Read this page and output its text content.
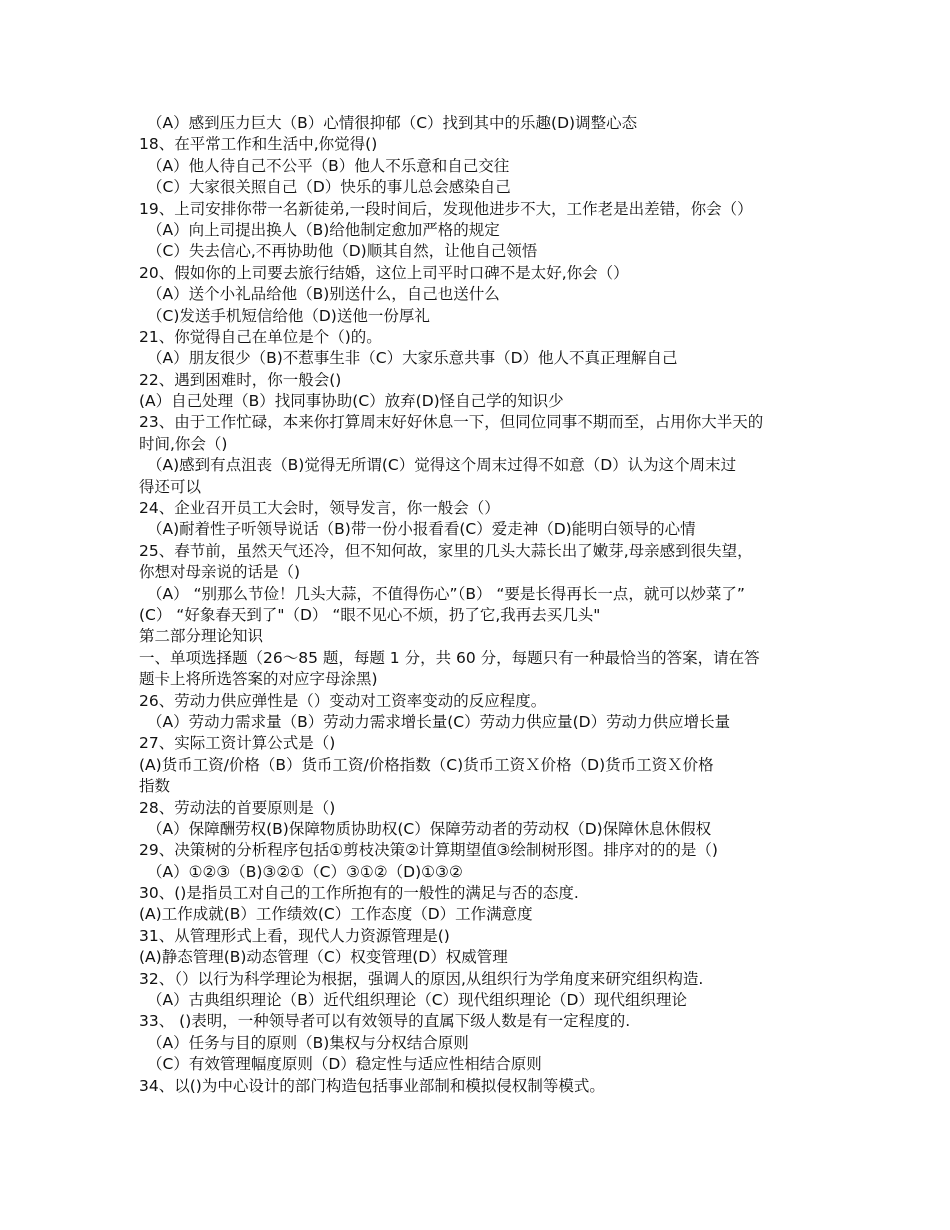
（A）感到压力巨大（B）心情很抑郁（C）找到其中的乐趣(D)调整心态
18、在平常工作和生活中,你觉得()
（A）他人待自己不公平（B）他人不乐意和自己交往
（C）大家很关照自己（D）快乐的事儿总会感染自己
19、上司安排你带一名新徒弟,一段时间后，发现他进步不大，工作老是出差错，你会（）
（A）向上司提出换人（B)给他制定愈加严格的规定
（C）失去信心,不再协助他（D)顺其自然，让他自己领悟
20、假如你的上司要去旅行结婚，这位上司平时口碑不是太好,你会（）
（A）送个小礼品给他（B)别送什么，自己也送什么
（C)发送手机短信给他（D)送他一份厚礼
21、你觉得自己在单位是个（)的。
（A）朋友很少（B)不惹事生非（C）大家乐意共事（D）他人不真正理解自己
22、遇到困难时，你一般会()
(A）自己处理（B）找同事协助(C）放弃(D)怪自己学的知识少
23、由于工作忙碌，本来你打算周末好好休息一下，但同位同事不期而至，占用你大半天的
时间,你会（)
（A)感到有点沮丧（B)觉得无所谓(C）觉得这个周末过得不如意（D）认为这个周末过
得还可以
24、企业召开员工大会时，领导发言，你一般会（）
（A)耐着性子听领导说话（B)带一份小报看看(C）爱走神（D)能明白领导的心情
25、春节前，虽然天气还冷，但不知何故，家里的几头大蒜长出了嫩芽,母亲感到很失望，
你想对母亲说的话是（)
（A） “别那么节俭！几头大蒜，不值得伤心”（B） “要是长得再长一点，就可以炒菜了”
(C） “好象春天到了"（D） “眼不见心不烦，扔了它,我再去买几头"
第二部分理论知识
一、单项选择题（26～85 题，每题 1 分，共 60 分，每题只有一种最恰当的答案，请在答
题卡上将所选答案的对应字母涂黑)
26、劳动力供应弹性是（）变动对工资率变动的反应程度。
（A）劳动力需求量（B）劳动力需求增长量(C）劳动力供应量(D）劳动力供应增长量
27、实际工资计算公式是（)
(A)货币工资/价格（B）货币工资/价格指数（C)货币工资Ｘ价格（D)货币工资Ｘ价格
指数
28、劳动法的首要原则是（)
（A）保障酬劳权(B)保障物质协助权(C）保障劳动者的劳动权（D)保障休息休假权
29、决策树的分析程序包括①剪枝决策②计算期望值③绘制树形图。排序对的的是（)
（A）①②③（B)③②①（C）③①②（D)①③②
30、()是指员工对自己的工作所抱有的一般性的满足与否的态度.
(A)工作成就(B）工作绩效(C）工作态度（D）工作满意度
31、从管理形式上看，现代人力资源管理是()
(A)静态管理(B)动态管理（C）权变管理(D）权威管理
32、（）以行为科学理论为根据，强调人的原因,从组织行为学角度来研究组织构造.
（A）古典组织理论（B）近代组织理论（C）现代组织理论（D）现代组织理论
33、 ()表明，一种领导者可以有效领导的直属下级人数是有一定程度的.
（A）任务与目的原则（B)集权与分权结合原则
（C）有效管理幅度原则（D）稳定性与适应性相结合原则
34、以()为中心设计的部门构造包括事业部制和模拟侵权制等模式。
